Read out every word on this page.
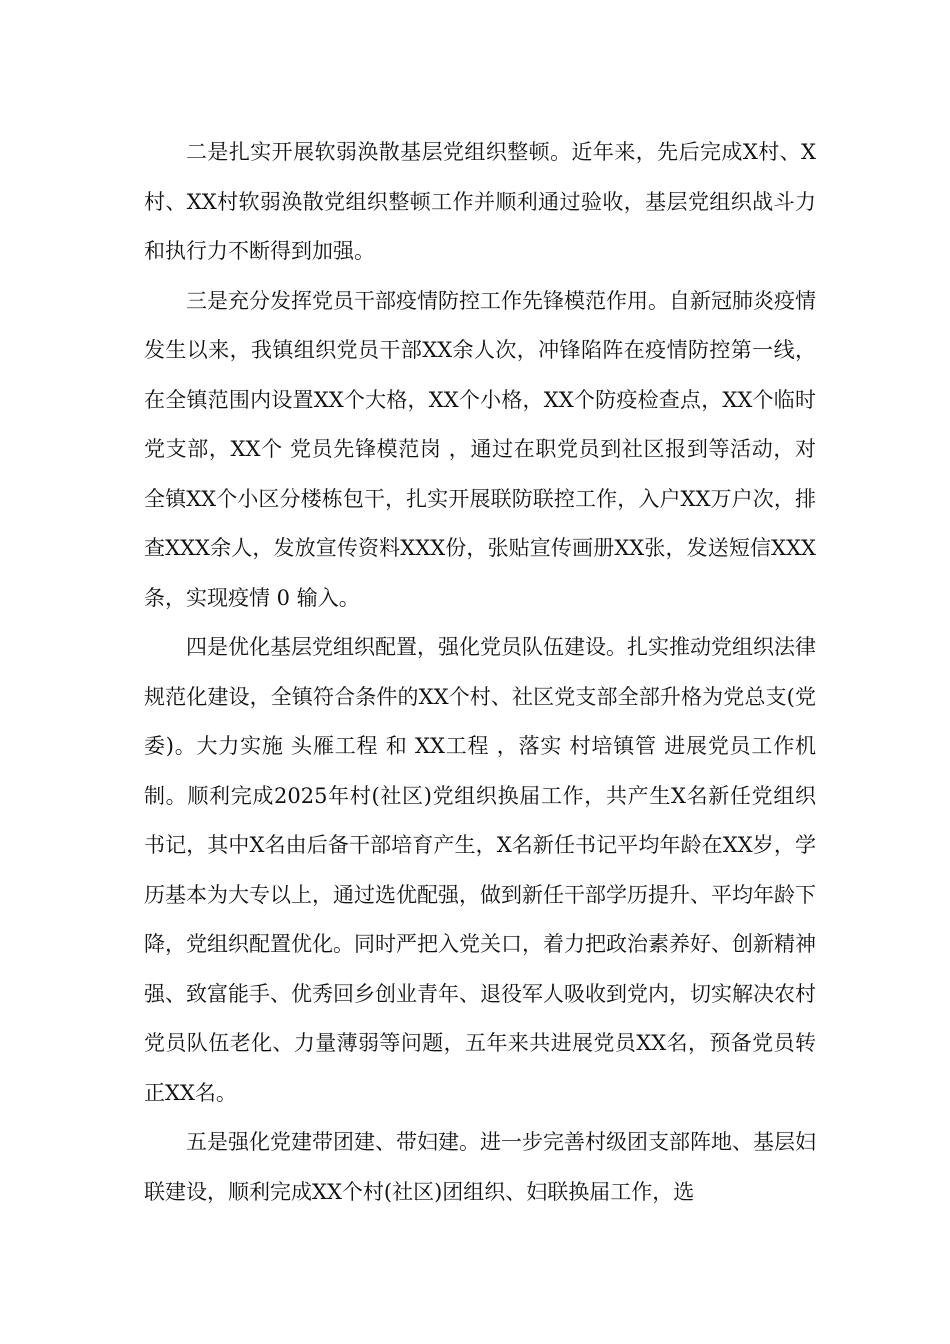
二是扎实开展软弱涣散基层党组织整顿。近年来，先后完成X村、X村、XX村软弱涣散党组织整顿工作并顺利通过验收，基层党组织战斗力和执行力不断得到加强。

三是充分发挥党员干部疫情防控工作先锋模范作用。自新冠肺炎疫情发生以来，我镇组织党员干部XX余人次，冲锋陷阵在疫情防控第一线，在全镇范围内设置XX个大格，XX个小格，XX个防疫检查点，XX个临时党支部，XX个 党员先锋模范岗 ，通过在职党员到社区报到等活动，对全镇XX个小区分楼栋包干，扎实开展联防联控工作，入户XX万户次，排查XXX余人，发放宣传资料XXX份，张贴宣传画册XX张，发送短信XXX条，实现疫情 0 输入。

四是优化基层党组织配置，强化党员队伍建设。扎实推动党组织法律规范化建设，全镇符合条件的XX个村、社区党支部全部升格为党总支(党委)。大力实施 头雁工程 和 XX工程 ，落实 村培镇管 进展党员工作机制。顺利完成2025年村(社区)党组织换届工作，共产生X名新任党组织书记，其中X名由后备干部培育产生，X名新任书记平均年龄在XX岁，学历基本为大专以上，通过选优配强，做到新任干部学历提升、平均年龄下降，党组织配置优化。同时严把入党关口，着力把政治素养好、创新精神强、致富能手、优秀回乡创业青年、退役军人吸收到党内，切实解决农村党员队伍老化、力量薄弱等问题，五年来共进展党员XX名，预备党员转正XX名。

五是强化党建带团建、带妇建。进一步完善村级团支部阵地、基层妇联建设，顺利完成XX个村(社区)团组织、妇联换届工作，选
